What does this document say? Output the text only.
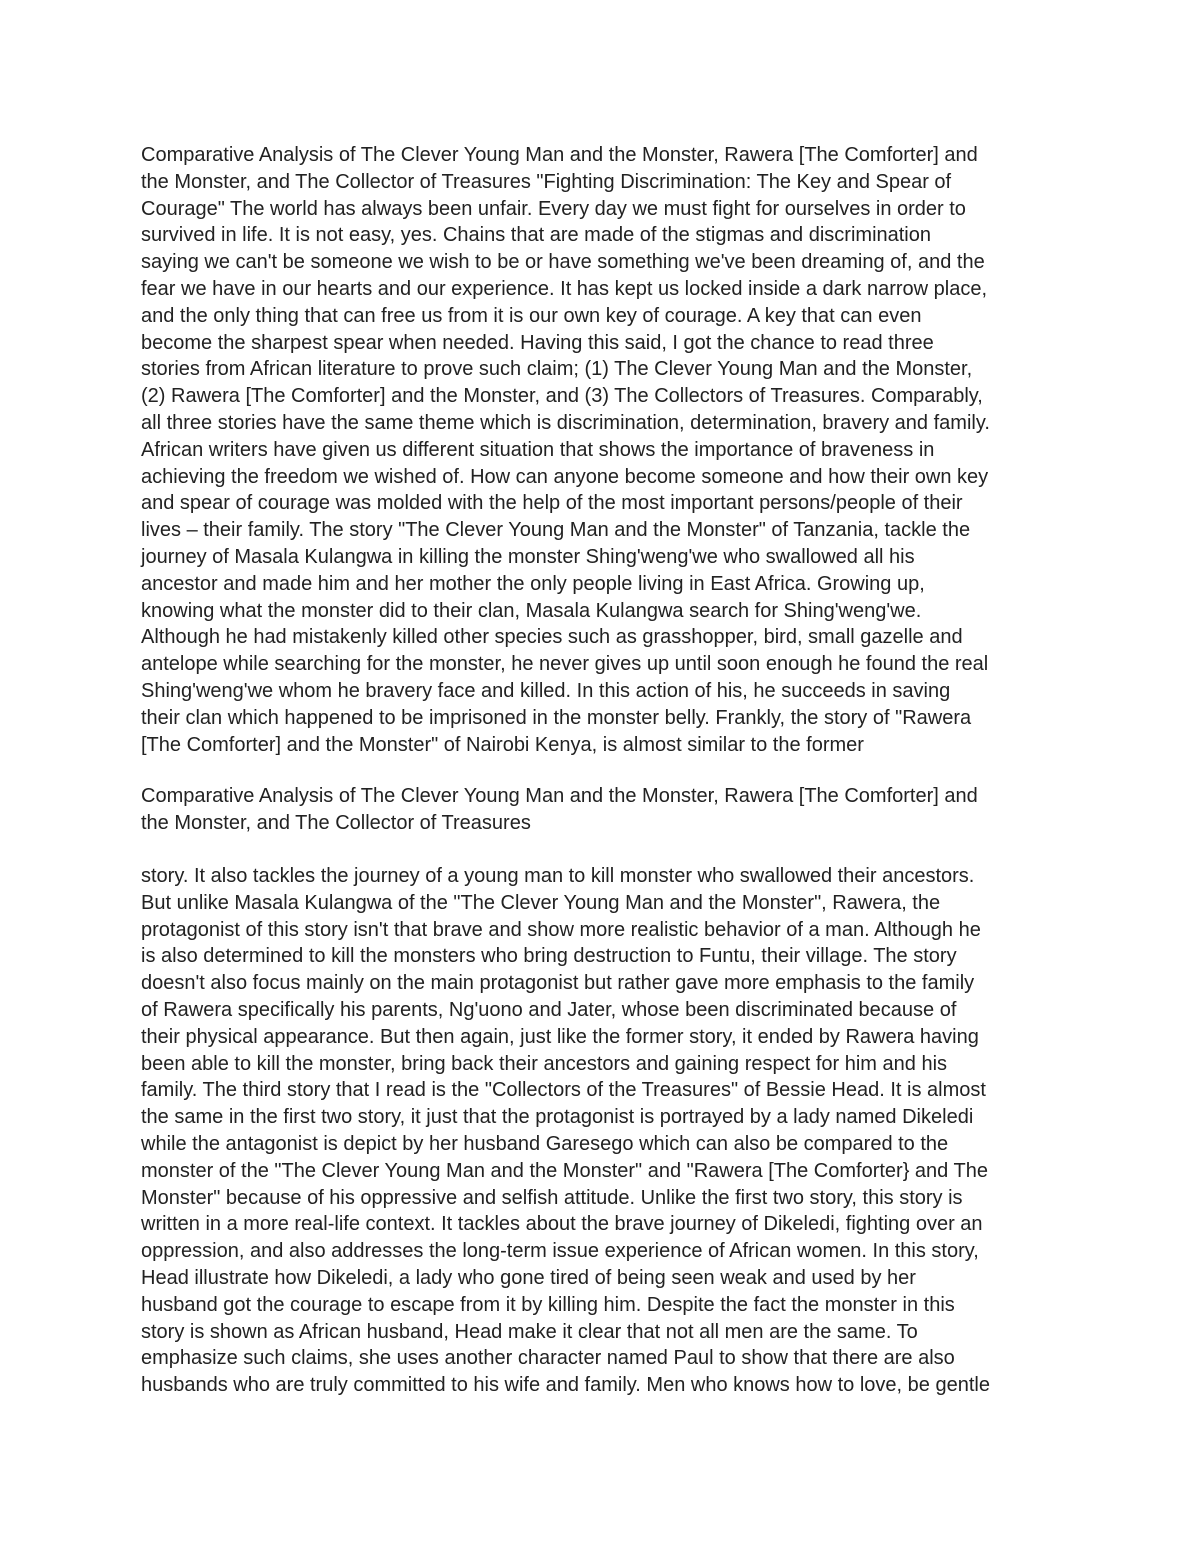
Comparative Analysis of The Clever Young Man and the Monster, Rawera [The Comforter] and
the Monster, and The Collector of Treasures "Fighting Discrimination: The Key and Spear of
Courage" The world has always been unfair. Every day we must fight for ourselves in order to
survived in life. It is not easy, yes. Chains that are made of the stigmas and discrimination
saying we can't be someone we wish to be or have something we've been dreaming of, and the
fear we have in our hearts and our experience. It has kept us locked inside a dark narrow place,
and the only thing that can free us from it is our own key of courage. A key that can even
become the sharpest spear when needed. Having this said, I got the chance to read three
stories from African literature to prove such claim; (1) The Clever Young Man and the Monster,
(2) Rawera [The Comforter] and the Monster, and (3) The Collectors of Treasures. Comparably,
all three stories have the same theme which is discrimination, determination, bravery and family.
African writers have given us different situation that shows the importance of braveness in
achieving the freedom we wished of. How can anyone become someone and how their own key
and spear of courage was molded with the help of the most important persons/people of their
lives – their family. The story "The Clever Young Man and the Monster" of Tanzania, tackle the
journey of Masala Kulangwa in killing the monster Shing'weng'we who swallowed all his
ancestor and made him and her mother the only people living in East Africa. Growing up,
knowing what the monster did to their clan, Masala Kulangwa search for Shing'weng'we.
Although he had mistakenly killed other species such as grasshopper, bird, small gazelle and
antelope while searching for the monster, he never gives up until soon enough he found the real
Shing'weng'we whom he bravery face and killed. In this action of his, he succeeds in saving
their clan which happened to be imprisoned in the monster belly. Frankly, the story of "Rawera
[The Comforter] and the Monster" of Nairobi Kenya, is almost similar to the former

Comparative Analysis of The Clever Young Man and the Monster, Rawera [The Comforter] and
the Monster, and The Collector of Treasures

story. It also tackles the journey of a young man to kill monster who swallowed their ancestors.
But unlike Masala Kulangwa of the "The Clever Young Man and the Monster", Rawera, the
protagonist of this story isn't that brave and show more realistic behavior of a man. Although he
is also determined to kill the monsters who bring destruction to Funtu, their village. The story
doesn't also focus mainly on the main protagonist but rather gave more emphasis to the family
of Rawera specifically his parents, Ng'uono and Jater, whose been discriminated because of
their physical appearance. But then again, just like the former story, it ended by Rawera having
been able to kill the monster, bring back their ancestors and gaining respect for him and his
family. The third story that I read is the "Collectors of the Treasures" of Bessie Head. It is almost
the same in the first two story, it just that the protagonist is portrayed by a lady named Dikeledi
while the antagonist is depict by her husband Garesego which can also be compared to the
monster of the "The Clever Young Man and the Monster" and "Rawera [The Comforter} and The
Monster" because of his oppressive and selfish attitude. Unlike the first two story, this story is
written in a more real-life context. It tackles about the brave journey of Dikeledi, fighting over an
oppression, and also addresses the long-term issue experience of African women. In this story,
Head illustrate how Dikeledi, a lady who gone tired of being seen weak and used by her
husband got the courage to escape from it by killing him. Despite the fact the monster in this
story is shown as African husband, Head make it clear that not all men are the same. To
emphasize such claims, she uses another character named Paul to show that there are also
husbands who are truly committed to his wife and family. Men who knows how to love, be gentle
